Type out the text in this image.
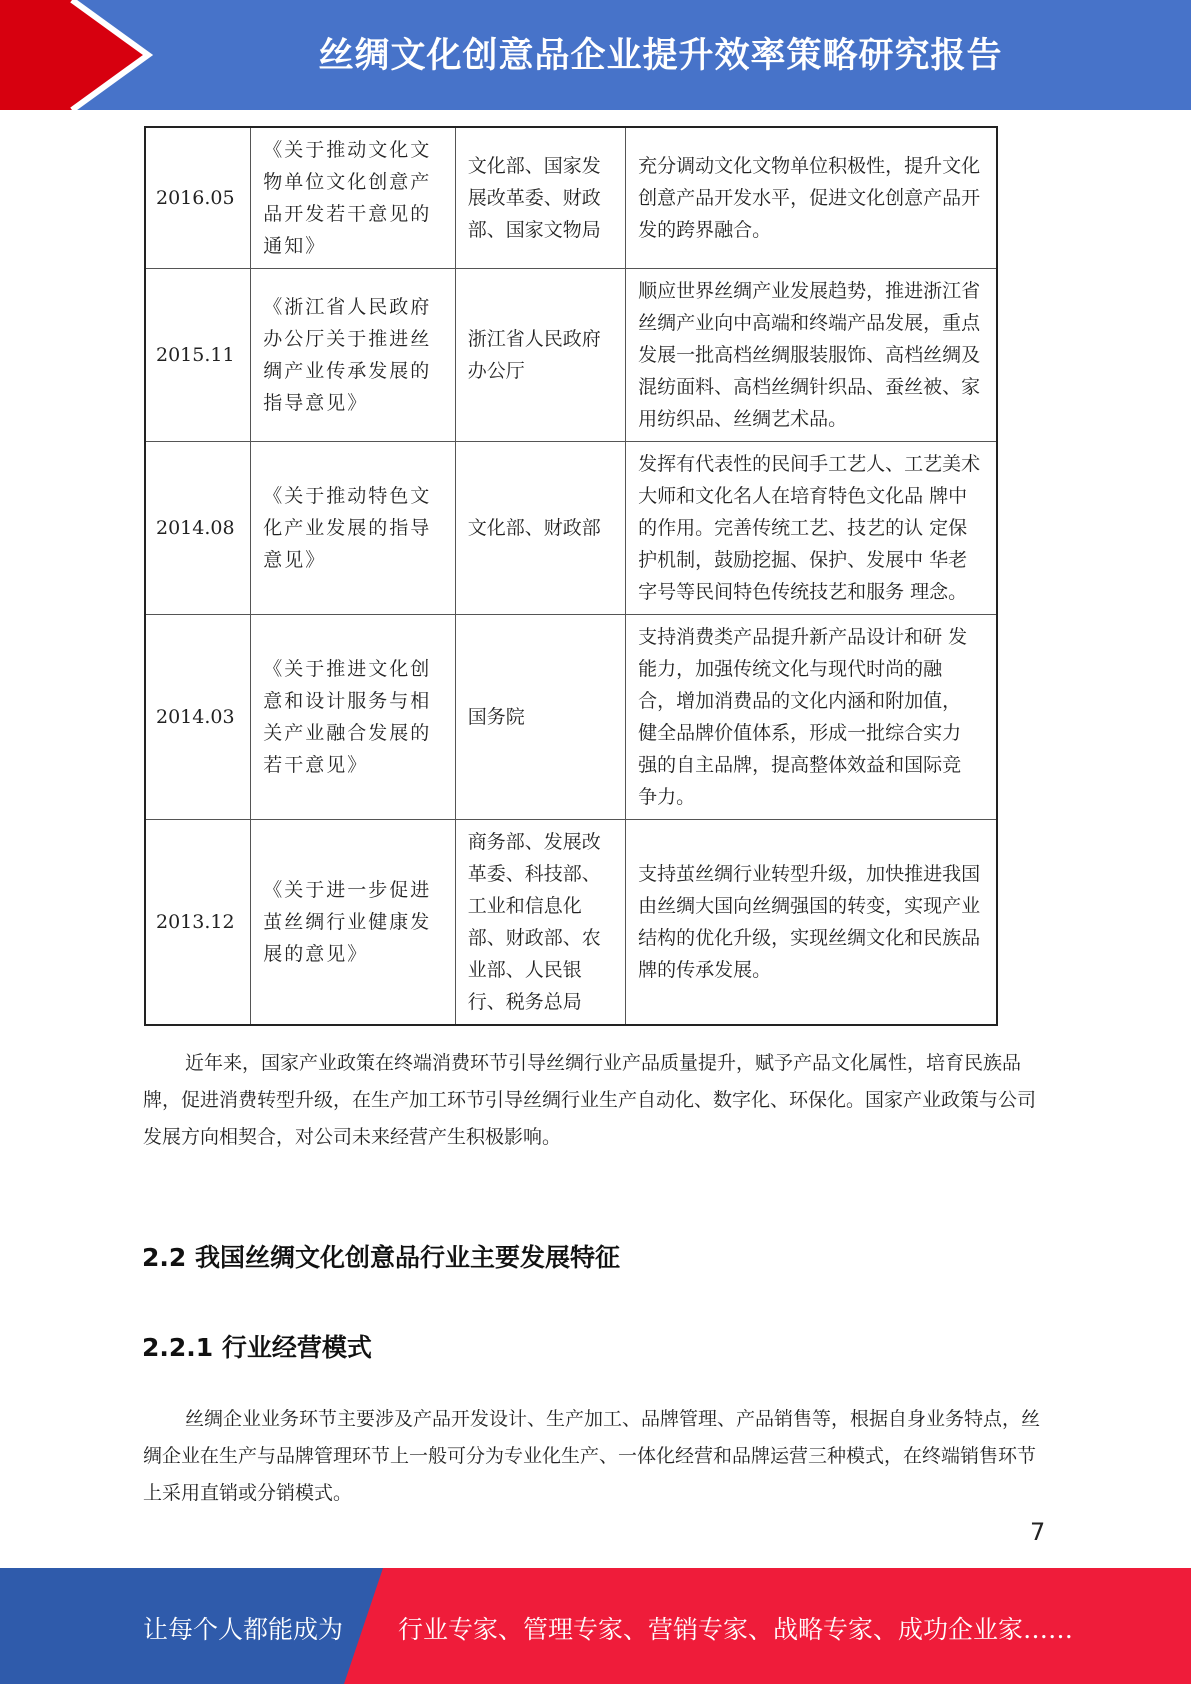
丝绸文化创意品企业提升效率策略研究报告
2016.05	《关于推动文化文 物单位文化创意产 品开发若干意见的 通知》	文化部、国家发 展改革委、财政 部、国家文物局	充分调动文化文物单位积极性，提升文化创意产品开发水平，促进文化创意产品开发的跨界融合。
2015.11	《浙江省人民政府办公厅关于推进丝绸产业传承发展的指导意见》	浙江省人民政府办公厅	顺应世界丝绸产业发展趋势，推进浙江省丝绸产业向中高端和终端产品发展，重点发展一批高档丝绸服装服饰、高档丝绸及混纺面料、高档丝绸针织品、蚕丝被、家用纺织品、丝绸艺术品。
2014.08	《关于推动特色文 化产业发展的指导 意见》	文化部、财政部	发挥有代表性的民间手工艺人、工艺美术大师和文化名人在培育特色文化品 牌中的作用。完善传统工艺、技艺的认 定保护机制，鼓励挖掘、保护、发展中 华老字号等民间特色传统技艺和服务 理念。
2014.03	《关于推进文化创 意和设计服务与相 关产业融合发展的 若干意见》	国务院	支持消费类产品提升新产品设计和研 发能力，加强传统文化与现代时尚的融 合，增加消费品的文化内涵和附加值， 健全品牌价值体系，形成一批综合实力 强的自主品牌，提高整体效益和国际竞 争力。
2013.12	《关于进一步促进 茧丝绸行业健康发 展的意见》	商务部、发展改革委、科技部、工业和信息化部、财政部、农业部、人民银行、税务总局	支持茧丝绸行业转型升级，加快推进我国由丝绸大国向丝绸强国的转变，实现产业结构的优化升级，实现丝绸文化和民族品牌的传承发展。

近年来，国家产业政策在终端消费环节引导丝绸行业产品质量提升，赋予产品文化属性，培育民族品牌，促进消费转型升级，在生产加工环节引导丝绸行业生产自动化、数字化、环保化。国家产业政策与公司发展方向相契合，对公司未来经营产生积极影响。

2.2 我国丝绸文化创意品行业主要发展特征
2.2.1 行业经营模式

丝绸企业业务环节主要涉及产品开发设计、生产加工、品牌管理、产品销售等，根据自身业务特点，丝绸企业在生产与品牌管理环节上一般可分为专业化生产、一体化经营和品牌运营三种模式，在终端销售环节上采用直销或分销模式。

7
让每个人都能成为 行业专家、管理专家、营销专家、战略专家、成功企业家……
